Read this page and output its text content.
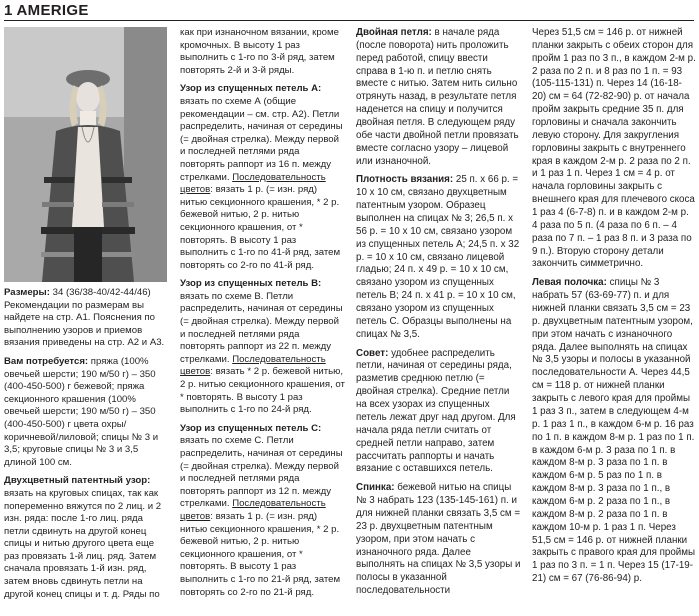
1 AMERIGE

Размеры: 34 (36/38-40/42-44/46) Рекомендации по размерам вы найдете на стр. А1. Пояснения по выполнению узоров и приемов вязания приведены на стр. А2 и А3.

Вам потребуется: пряжа (100% овечьей шерсти; 190 м/50 г) – 350 (400-450-500) г бежевой; пряжа секционного крашения (100% овечьей шерсти; 190 м/50 г) – 350 (400-450-500) г цвета охры/коричневой/лиловой; спицы № 3 и 3,5; круговые спицы № 3 и 3,5 длиной 100 см.

Двухцветный патентный узор: вязать на круговых спицах, так как попеременно вяжутся по 2 лиц. и 2 изн. ряда: после 1-го лиц. ряда петли сдвинуть на другой конец спицы и нитью другого цвета еще раз провязать 1-й лиц. ряд. Затем сначала провязать 1-й изн. ряд, затем вновь сдвинуть петли на другой конец спицы и т. д. Ряды по

как при изнаночном вязании, кроме кромочных. В высоту 1 раз выполнить с 1-го по 3-й ряд, затем повторять 2-й и 3-й ряды.

Узор из спущенных петель А: вязать по схеме А (общие рекомендации – см. стр. А2). Петли распределить, начиная от середины (= двойная стрелка). Между первой и последней петлями ряда повторять раппорт из 16 п. между стрелками. Последовательность цветов: вязать 1 р. (= изн. ряд) нитью секционного крашения, * 2 р. бежевой нитью, 2 р. нитью секционного крашения, от * повторять. В высоту 1 раз выполнить с 1-го по 41-й ряд, затем повторять со 2-го по 41-й ряд.

Узор из спущенных петель В: вязать по схеме В. Петли распределить, начиная от середины (= двойная стрелка). Между первой и последней петлями ряда повторять раппорт из 22 п. между стрелками. Последовательность цветов: вязать * 2 р. бежевой нитью, 2 р. нитью секционного крашения, от * повторять. В высоту 1 раз выполнить с 1-го по 24-й ряд.

Узор из спущенных петель С: вязать по схеме С. Петли распределить, начиная от середины (= двойная стрелка). Между первой и последней петлями ряда повторять раппорт из 12 п. между стрелками. Последовательность цветов: вязать 1 р. (= изн. ряд) нитью секционного крашения, * 2 р. бежевой нитью, 2 р. нитью секционного крашения, от * повторять. В высоту 1 раз выполнить с 1-го по 21-й ряд, затем повторять со 2-го по 21-й ряд.

Двойная петля: в начале ряда (после поворота) нить проложить перед работой, спицу ввести справа в 1-ю п. и петлю снять вместе с нитью. Затем нить сильно отрянуть назад, в результате петля наденется на спицу и получится двойная петля. В следующем ряду обе части двойной петли провязать вместе согласно узору – лицевой или изнаночной.

Плотность вязания: 25 п. х 66 р. = 10 х 10 см, связано двухцветным патентным узором. Образец выполнен на спицах № 3; 26,5 п. х 56 р. = 10 х 10 см, связано узором из спущенных петель А; 24,5 п. х 32 р. = 10 х 10 см, связано лицевой гладью; 24 п. х 49 р. = 10 х 10 см, связано узором из спущенных петель В; 24 п. х 41 р. = 10 х 10 см, связано узором из спущенных петель С. Образцы выполнены на спицах № 3,5.

Совет: удобнее распределить петли, начиная от середины ряда, разметив среднюю петлю (= двойная стрелка). Средние петли на всех узорах из спущенных петель лежат друг над другом. Для начала ряда петли считать от средней петли направо, затем рассчитать раппорты и начать вязание с оставшихся петель.

Спинка: бежевой нитью на спицы № 3 набрать 123 (135-145-161) п. и для нижней планки связать 3,5 см = 23 р. двухцветным патентным узором, при этом начать с изнаночного ряда. Далее выполнять на спицах № 3,5 узоры и полосы в указанной последовательности

Через 51,5 см = 146 р. от нижней планки закрыть с обеих сторон для пройм 1 раз по 3 п., в каждом 2-м р. 2 раза по 2 п. и 8 раз по 1 п. = 93 (105-115-131) п. Через 14 (16-18-20) см = 64 (72-82-90) р. от начала пройм закрыть средние 35 п. для горловины и сначала закончить левую сторону. Для закругления горловины закрыть с внутреннего края в каждом 2-м р. 2 раза по 2 п. и 1 раз 1 п. Через 1 см = 4 р. от начала горловины закрыть с внешнего края для плечевого скоса 1 раз 4 (6-7-8) п. и в каждом 2-м р. 4 раза по 5 п. (4 раза по 6 п. – 4 раза по 7 п. – 1 раз 8 п. и 3 раза по 9 п.). Вторую сторону детали закончить симметрично.

Левая полочка: спицы № 3 набрать 57 (63-69-77) п. и для нижней планки связать 3,5 см = 23 р. двухцветным патентным узором, при этом начать с изнаночного ряда. Далее выполнять на спицах № 3,5 узоры и полосы в указанной последовательности А. Через 44,5 см = 118 р. от нижней планки закрыть с левого края для проймы 1 раз 3 п., затем в следующем 4-м р. 1 раз 1 п., в каждом 6-м р. 16 раз по 1 п. в каждом 8-м р. 1 раз по 1 п. в каждом 6-м р. 3 раза по 1 п. в каждом 8-м р. 3 раза по 1 п. в каждом 6-м р. 5 раз по 1 п. в каждом 8-м р. 3 раза по 1 п., в каждом 6-м р. 2 раза по 1 п., в каждом 8-м р. 2 раза по 1 п. в каждом 10-м р. 1 раз 1 п. Через 51,5 см = 146 р. от нижней планки закрыть с правого края для проймы 1 раз по 3 п. = 1 п. Через 15 (17-19-21) см = 67 (76-86-94) р.
